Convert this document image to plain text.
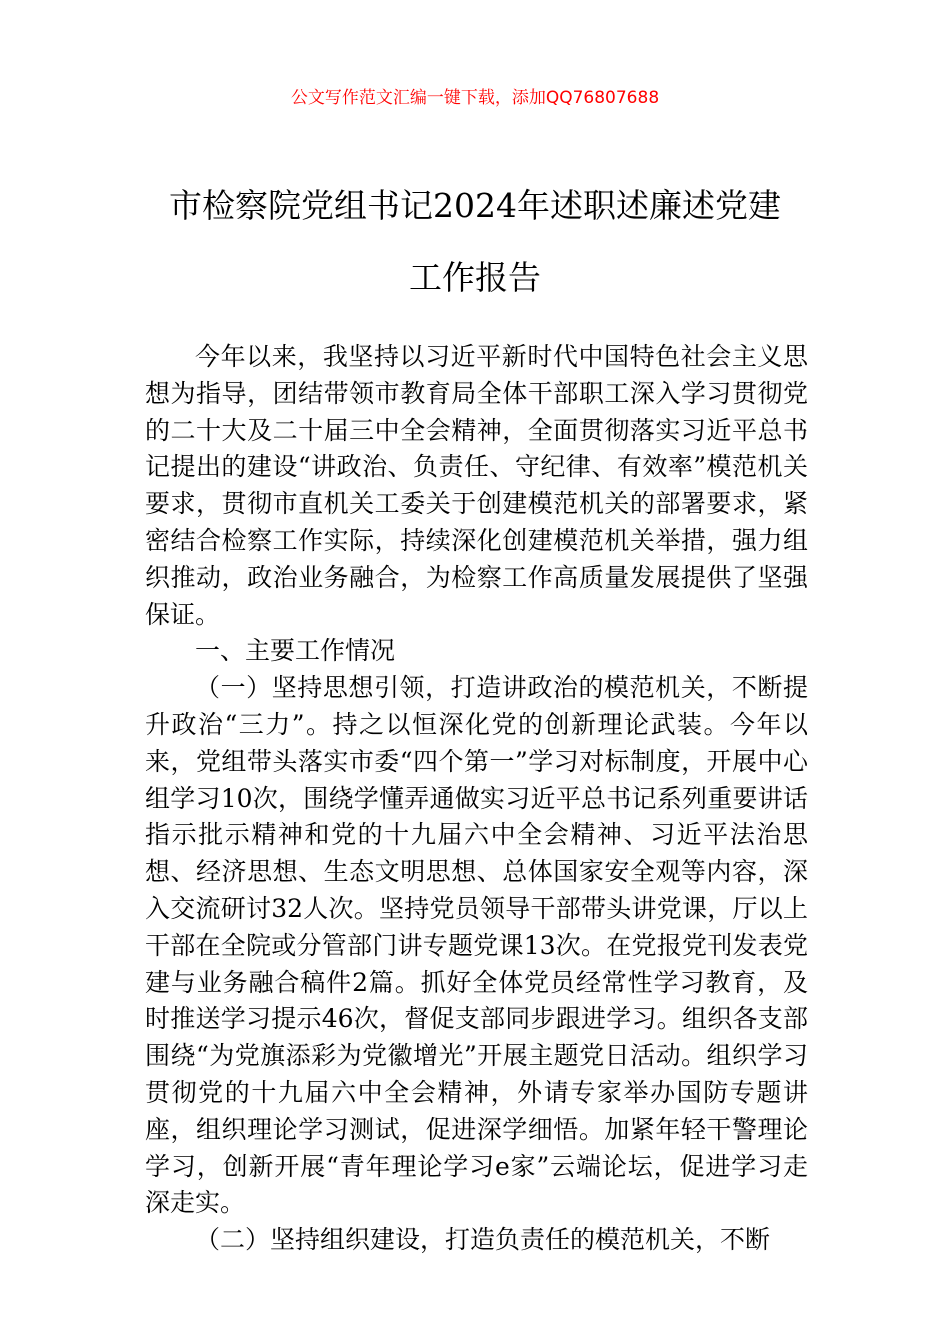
公文写作范文汇编一键下载，添加QQ76807688
市检察院党组书记2024年述职述廉述党建
工作报告

今年以来，我坚持以习近平新时代中国特色社会主义思想为指导，团结带领市教育局全体干部职工深入学习贯彻党的二十大及二十届三中全会精神，全面贯彻落实习近平总书记提出的建设“讲政治、负责任、守纪律、有效率”模范机关要求，贯彻市直机关工委关于创建模范机关的部署要求，紧密结合检察工作实际，持续深化创建模范机关举措，强力组织推动，政治业务融合，为检察工作高质量发展提供了坚强保证。

一、主要工作情况

（一）坚持思想引领，打造讲政治的模范机关，不断提升政治“三力”。持之以恒深化党的创新理论武装。今年以来，党组带头落实市委“四个第一”学习对标制度，开展中心组学习10次，围绕学懂弄通做实习近平总书记系列重要讲话指示批示精神和党的十九届六中全会精神、习近平法治思想、经济思想、生态文明思想、总体国家安全观等内容，深入交流研讨32人次。坚持党员领导干部带头讲党课，厅以上干部在全院或分管部门讲专题党课13次。在党报党刊发表党建与业务融合稿件2篇。抓好全体党员经常性学习教育，及时推送学习提示46次，督促支部同步跟进学习。组织各支部围绕“为党旗添彩为党徽增光”开展主题党日活动。组织学习贯彻党的十九届六中全会精神，外请专家举办国防专题讲座，组织理论学习测试，促进深学细悟。加紧年轻干警理论学习，创新开展“青年理论学习e家”云端论坛，促进学习走深走实。

（二）坚持组织建设，打造负责任的模范机关，不断
